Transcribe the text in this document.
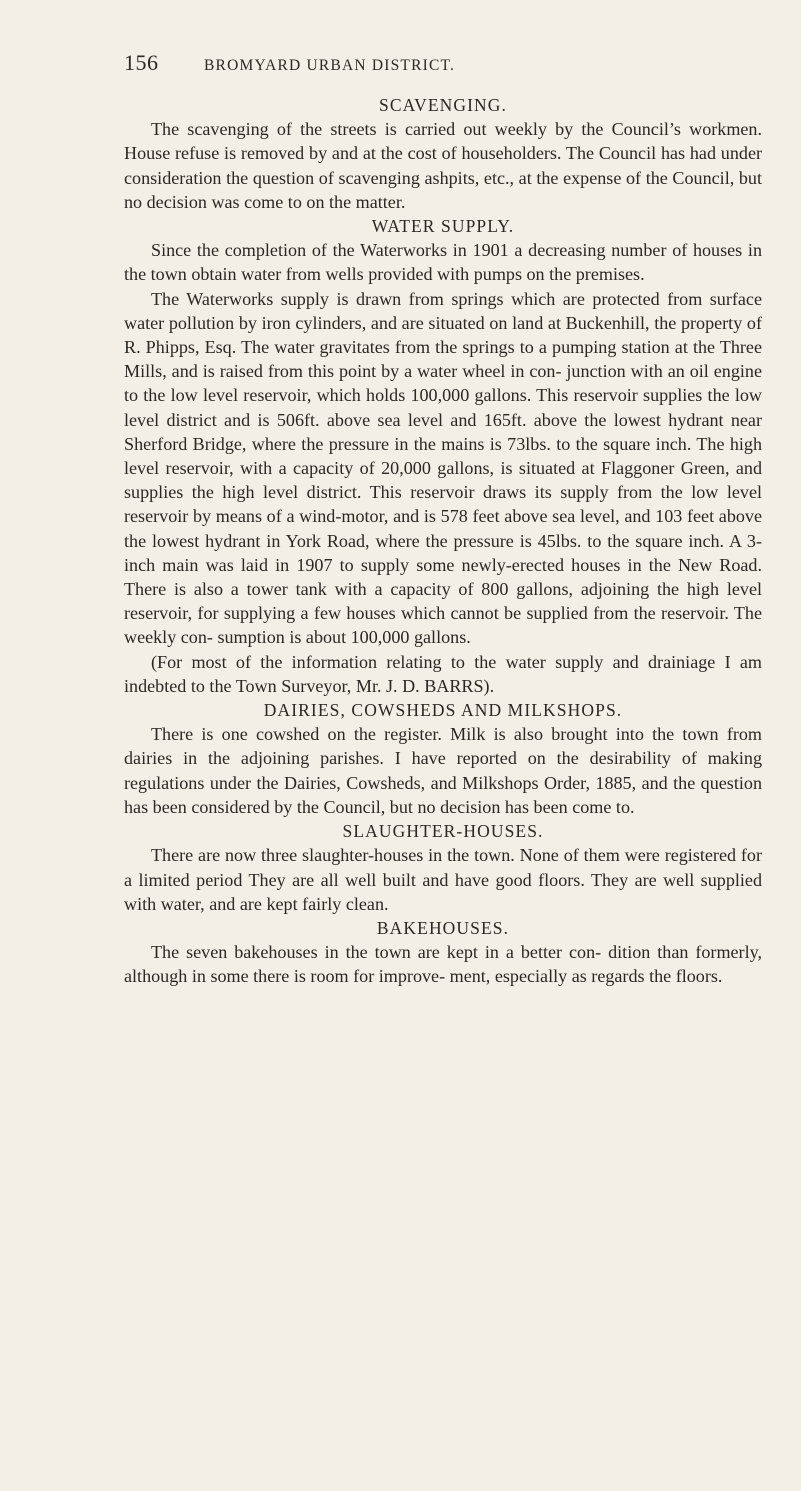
156	BROMYARD URBAN DISTRICT.
SCAVENGING.

The scavenging of the streets is carried out weekly by the Council’s workmen. House refuse is removed by and at the cost of householders. The Council has had under consideration the question of scavenging ashpits, etc., at the expense of the Council, but no decision was come to on the matter.

WATER SUPPLY.

Since the completion of the Waterworks in 1901 a decreasing number of houses in the town obtain water from wells provided with pumps on the premises.

The Waterworks supply is drawn from springs which are protected from surface water pollution by iron cylinders, and are situated on land at Buckenhill, the property of R. Phipps, Esq. The water gravitates from the springs to a pumping station at the Three Mills, and is raised from this point by a water wheel in con- junction with an oil engine to the low level reservoir, which holds 100,000 gallons. This reservoir supplies the low level district and is 506ft. above sea level and 165ft. above the lowest hydrant near Sherford Bridge, where the pressure in the mains is 73lbs. to the square inch. The high level reservoir, with a capacity of 20,000 gallons, is situated at Flaggoner Green, and supplies the high level district. This reservoir draws its supply from the low level reservoir by means of a wind-motor, and is 578 feet above sea level, and 103 feet above the lowest hydrant in York Road, where the pressure is 45lbs. to the square inch. A 3-inch main was laid in 1907 to supply some newly-erected houses in the New Road. There is also a tower tank with a capacity of 800 gallons, adjoining the high level reservoir, for supplying a few houses which cannot be supplied from the reservoir. The weekly con- sumption is about 100,000 gallons.

(For most of the information relating to the water supply and drainiage I am indebted to the Town Surveyor, Mr. J. D. BARRS).

DAIRIES, COWSHEDS AND MILKSHOPS.

There is one cowshed on the register. Milk is also brought into the town from dairies in the adjoining parishes. I have reported on the desirability of making regulations under the Dairies, Cowsheds, and Milkshops Order, 1885, and the question has been considered by the Council, but no decision has been come to.

SLAUGHTER-HOUSES.

There are now three slaughter-houses in the town. None of them were registered for a limited period They are all well built and have good floors. They are well supplied with water, and are kept fairly clean.

BAKEHOUSES.

The seven bakehouses in the town are kept in a better con- dition than formerly, although in some there is room for improve- ment, especially as regards the floors.
